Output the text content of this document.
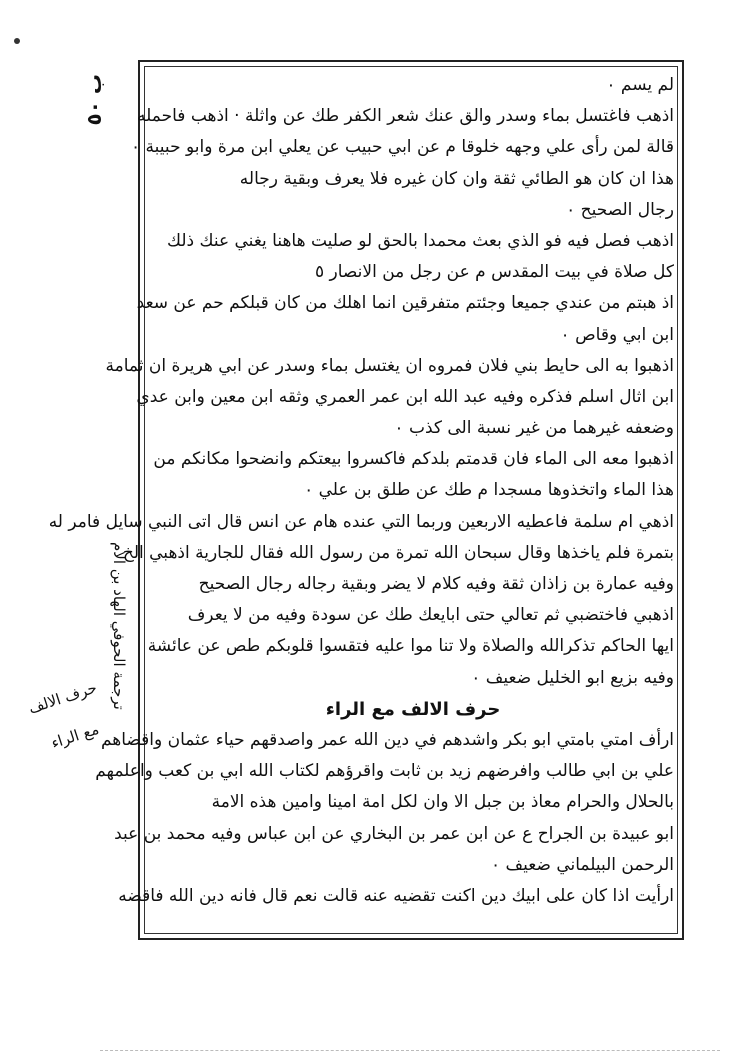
ب ٥٠
ترجمة الحوفي الهاد بن الام
حرف الالف
مع الراء
لم يسم ٠
اذهب فاغتسل بماء وسدر والق عنك شعر الكفر طك عن واثلة · اذهب فاحمله
قالة لمن رأى علي وجهه خلوقا م عن ابي حبيب عن يعلي ابن مرة وابو حبيبة ٠
هذا ان كان هو الطائي ثقة وان كان غيره فلا يعرف وبقية رجاله
رجال الصحيح ٠
اذهب فصل فيه فو الذي بعث محمدا بالحق لو صليت هاهنا يغني عنك ذلك
كل صلاة في بيت المقدس م عن رجل من الانصار ٥
اذ هبتم من عندي جميعا وجئتم متفرقين انما اهلك من كان قبلكم حم عن سعد
ابن ابي وقاص ٠
اذهبوا به الى حايط بني فلان فمروه ان يغتسل بماء وسدر عن ابي هريرة ان ثمامة
ابن اثال اسلم فذكره وفيه عبد الله ابن عمر العمري وثقه ابن معين وابن عدي
وضعفه غيرهما من غير نسبة الى كذب ٠
اذهبوا معه الى الماء فان قدمتم بلدكم فاكسروا بيعتكم وانضحوا مكانكم من
هذا الماء واتخذوها مسجدا م طك عن طلق بن علي ٠
اذهي ام سلمة فاعطيه الاربعين وربما التي عنده هام عن انس قال اتى النبي سايل فامر له
بتمرة فلم ياخذها وقال سبحان الله تمرة من رسول الله فقال للجارية اذهبي الخ
وفيه عمارة بن زاذان ثقة وفيه كلام لا يضر وبقية رجاله رجال الصحيح
اذهبي فاختضبي ثم تعالي حتى ابايعك طك عن سودة وفيه من لا يعرف
ايها الحاكم تذكرالله والصلاة ولا تنا موا عليه فتقسوا قلوبكم طص عن عائشة
وفيه بزيع ابو الخليل ضعيف ٠
حرف الالف مع الراء
ارأف امتي بامتي ابو بكر واشدهم في دين الله عمر واصدقهم حياء عثمان واقضاهم
علي بن ابي طالب وافرضهم زيد بن ثابت واقرؤهم لكتاب الله ابي بن كعب واعلمهم
بالحلال والحرام معاذ بن جبل الا وان لكل امة امينا وامين هذه الامة
ابو عبيدة بن الجراح ع عن ابن عمر بن البخاري عن ابن عباس وفيه محمد بن عبد
الرحمن البيلماني ضعيف ٠
ارأيت اذا كان على ابيك دين اكنت تقضيه عنه قالت نعم قال فانه دين الله فاقضه
